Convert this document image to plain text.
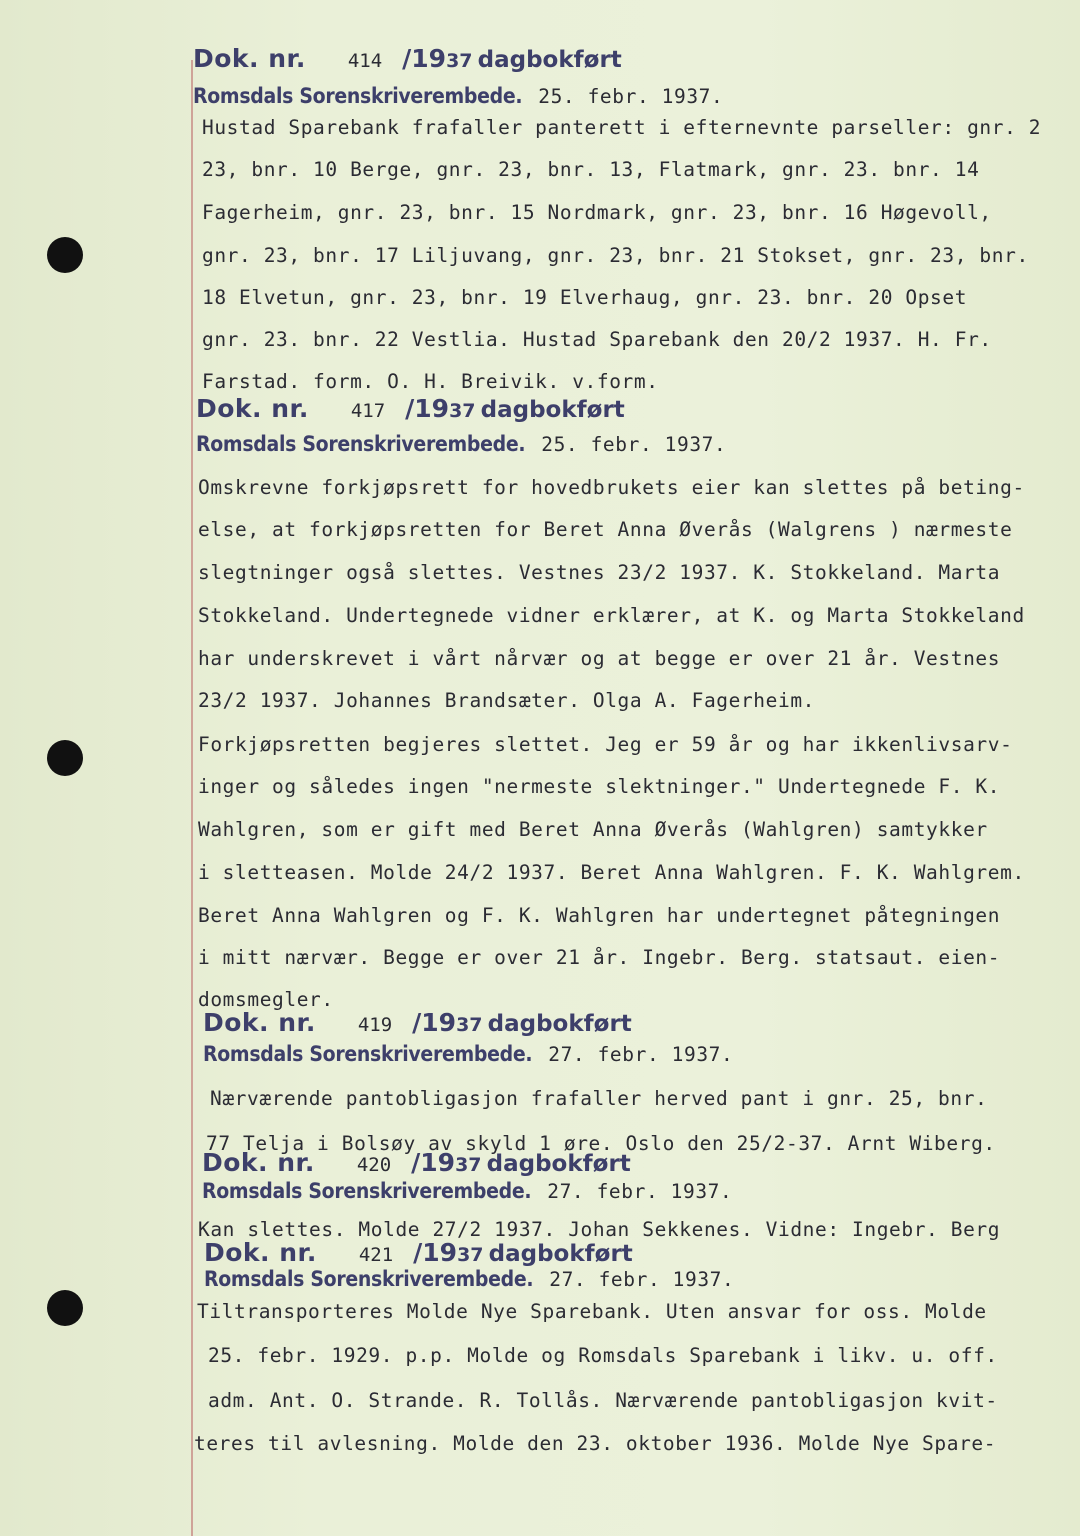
Dok. nr. 414 /1937 dagbokført
Romsdals Sorenskriverembede. 25. febr. 1937.
Hustad Sparebank frafaller panterett i efternevnte parseller: gnr. 2
23, bnr. 10 Berge, gnr. 23, bnr. 13, Flatmark, gnr. 23. bnr. 14
Fagerheim, gnr. 23, bnr. 15 Nordmark, gnr. 23, bnr. 16 Høgevoll,
gnr. 23, bnr. 17 Liljuvang, gnr. 23, bnr. 21 Stokset, gnr. 23, bnr.
18 Elvetun, gnr. 23, bnr. 19 Elverhaug, gnr. 23. bnr. 20 Opset
gnr. 23. bnr. 22 Vestlia. Hustad Sparebank den 20/2 1937. H. Fr.
Farstad. form. O. H. Breivik. v.form.
Dok. nr. 417 /1937 dagbokført
Romsdals Sorenskriverembede. 25. febr. 1937.
Omskrevne forkjøpsrett for hovedbrukets eier kan slettes på beting-
else, at forkjøpsretten for Beret Anna Øverås (Walgrens ) nærmeste
slegtninger også slettes. Vestnes 23/2 1937. K. Stokkeland. Marta
Stokkeland. Undertegnede vidner erklærer, at K. og Marta Stokkeland
har underskrevet i vårt nårvær og at begge er over 21 år. Vestnes
23/2 1937. Johannes Brandsæter. Olga A. Fagerheim.
Forkjøpsretten begjeres slettet. Jeg er 59 år og har ikkenlivsarv-
inger og således ingen "nermeste slektninger." Undertegnede F. K.
Wahlgren, som er gift med Beret Anna Øverås (Wahlgren) samtykker
i sletteasen. Molde 24/2 1937. Beret Anna Wahlgren. F. K. Wahlgrem.
Beret Anna Wahlgren og F. K. Wahlgren har undertegnet påtegningen
i mitt nærvær. Begge er over 21 år. Ingebr. Berg. statsaut. eien-
domsmegler.
Dok. nr. 419 /1937 dagbokført
Romsdals Sorenskriverembede. 27. febr. 1937.
Nærværende pantobligasjon frafaller herved pant i gnr. 25, bnr.
77 Telja i Bolsøy av skyld 1 øre. Oslo den 25/2-37. Arnt Wiberg.
Dok. nr. 420 /1937 dagbokført
Romsdals Sorenskriverembede. 27. febr. 1937.
Kan slettes. Molde 27/2 1937. Johan Sekkenes. Vidne: Ingebr. Berg
Dok. nr. 421 /1937 dagbokført
Romsdals Sorenskriverembede. 27. febr. 1937.
Tiltransporteres Molde Nye Sparebank. Uten ansvar for oss. Molde
25. febr. 1929. p.p. Molde og Romsdals Sparebank i likv. u. off.
adm. Ant. O. Strande. R. Tollås. Nærværende pantobligasjon kvit-
teres til avlesning. Molde den 23. oktober 1936. Molde Nye Spare-
